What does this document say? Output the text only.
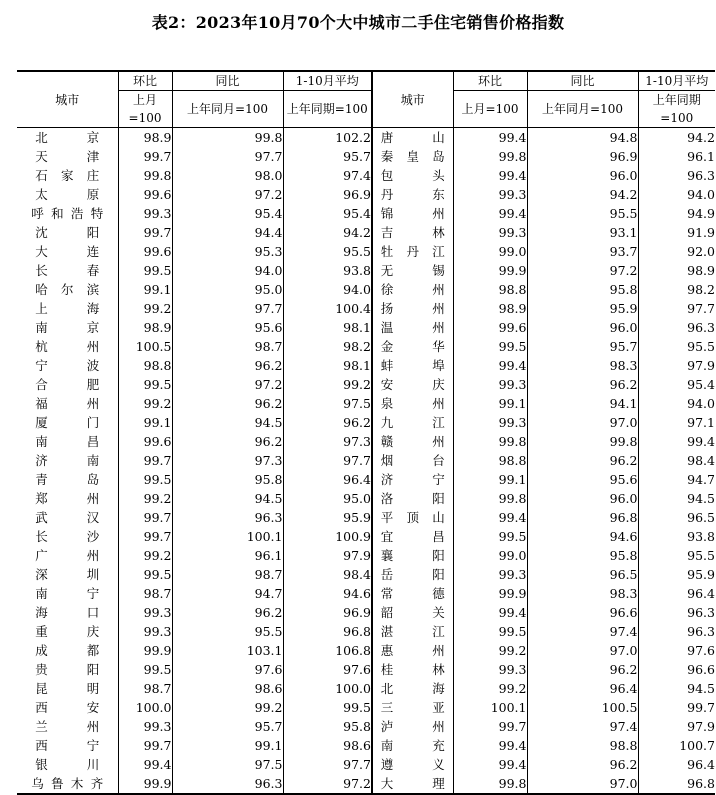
表2：2023年10月70个大中城市二手住宅销售价格指数
城市	环比	同比	1-10月平均	城市	环比	同比	1-10月平均
	上月=100	上年同月=100	上年同期=100		上月=100	上年同月=100	上年同期=100
北京	98.9	99.8	102.2	唐山	99.4	94.8	94.2
天津	99.7	97.7	95.7	秦皇岛	99.8	96.9	96.1
石家庄	99.8	98.0	97.4	包头	99.4	96.0	96.3
太原	99.6	97.2	96.9	丹东	99.3	94.2	94.0
呼和浩特	99.3	95.4	95.4	锦州	99.4	95.5	94.9
沈阳	99.7	94.4	94.2	吉林	99.3	93.1	91.9
大连	99.6	95.3	95.5	牡丹江	99.0	93.7	92.0
长春	99.5	94.0	93.8	无锡	99.9	97.2	98.9
哈尔滨	99.1	95.0	94.0	徐州	98.8	95.8	98.2
上海	99.2	97.7	100.4	扬州	98.9	95.9	97.7
南京	98.9	95.6	98.1	温州	99.6	96.0	96.3
杭州	100.5	98.7	98.2	金华	99.5	95.7	95.5
宁波	98.8	96.2	98.1	蚌埠	99.4	98.3	97.9
合肥	99.5	97.2	99.2	安庆	99.3	96.2	95.4
福州	99.2	96.2	97.5	泉州	99.1	94.1	94.0
厦门	99.1	94.5	96.2	九江	99.3	97.0	97.1
南昌	99.6	96.2	97.3	赣州	99.8	99.8	99.4
济南	99.7	97.3	97.7	烟台	98.8	96.2	98.4
青岛	99.5	95.8	96.4	济宁	99.1	95.6	94.7
郑州	99.2	94.5	95.0	洛阳	99.8	96.0	94.5
武汉	99.7	96.3	95.9	平顶山	99.4	96.8	96.5
长沙	99.7	100.1	100.9	宜昌	99.5	94.6	93.8
广州	99.2	96.1	97.9	襄阳	99.0	95.8	95.5
深圳	99.5	98.7	98.4	岳阳	99.3	96.5	95.9
南宁	98.7	94.7	94.6	常德	99.9	98.3	96.4
海口	99.3	96.2	96.9	韶关	99.4	96.6	96.3
重庆	99.3	95.5	96.8	湛江	99.5	97.4	96.3
成都	99.9	103.1	106.8	惠州	99.2	97.0	97.6
贵阳	99.5	97.6	97.6	桂林	99.3	96.2	96.6
昆明	98.7	98.6	100.0	北海	99.2	96.4	94.5
西安	100.0	99.2	99.5	三亚	100.1	100.5	99.7
兰州	99.3	95.7	95.8	泸州	99.7	97.4	97.9
西宁	99.7	99.1	98.6	南充	99.4	98.8	100.7
银川	99.4	97.5	97.7	遵义	99.4	96.2	96.4
乌鲁木齐	99.9	96.3	97.2	大理	99.8	97.0	96.8
